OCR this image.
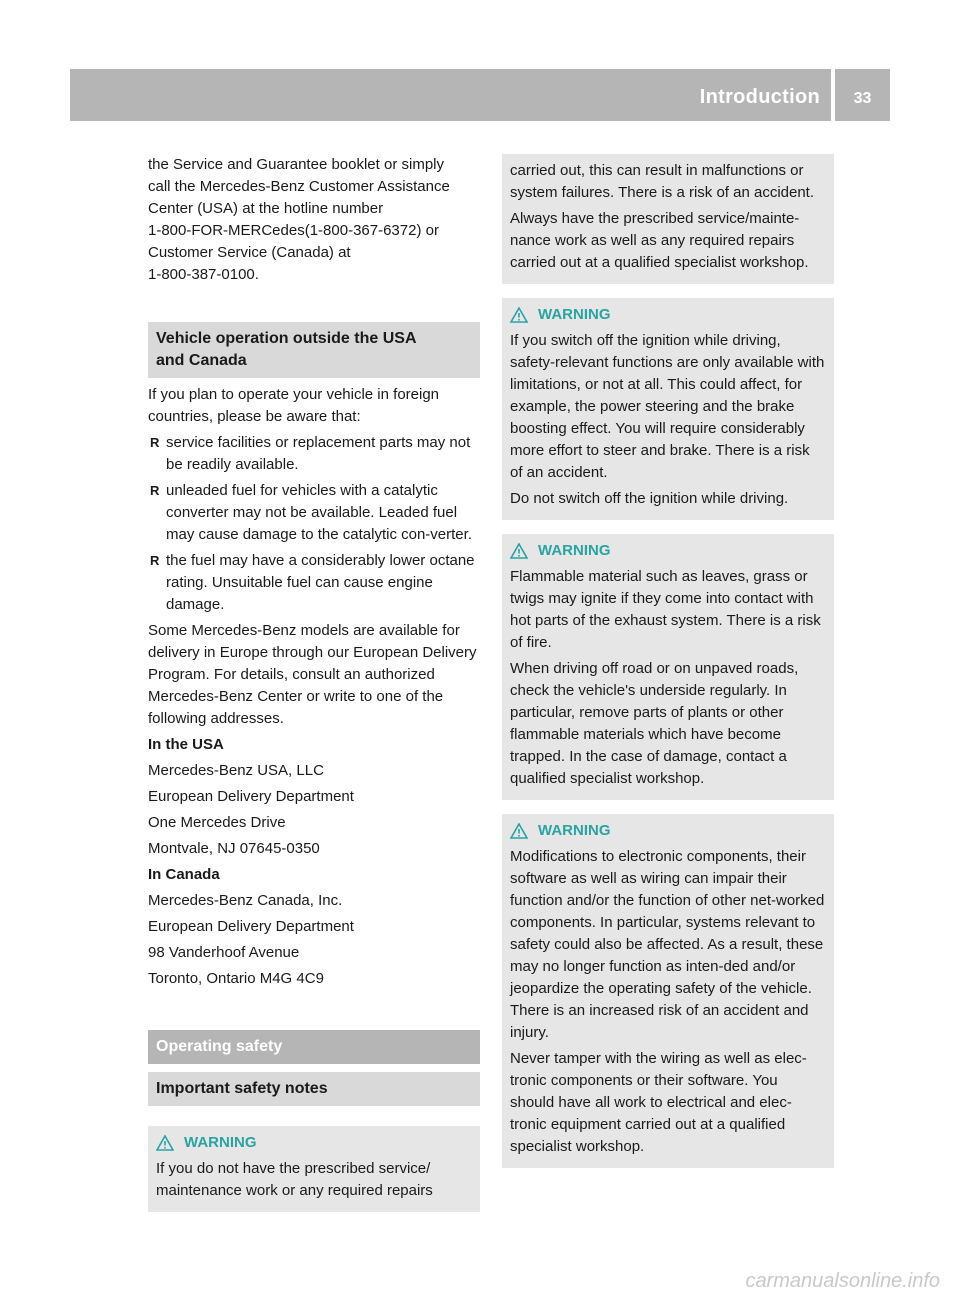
Introduction	33
the Service and Guarantee booklet or simply
call the Mercedes-Benz Customer Assistance
Center (USA) at the hotline number
1-800-FOR-MERCedes(1-800-367-6372) or
Customer Service (Canada) at
1-800-387-0100.
Vehicle operation outside the USA
and Canada

If you plan to operate your vehicle in foreign countries, please be aware that:

R service facilities or replacement parts may not be readily available.
R unleaded fuel for vehicles with a catalytic converter may not be available. Leaded fuel may cause damage to the catalytic con-verter.
R the fuel may have a considerably lower octane rating. Unsuitable fuel can cause engine damage.

Some Mercedes-Benz models are available for delivery in Europe through our European Delivery Program. For details, consult an authorized Mercedes-Benz Center or write to one of the following addresses.

In the USA

Mercedes-Benz USA, LLC

European Delivery Department

One Mercedes Drive

Montvale, NJ 07645-0350

In Canada

Mercedes-Benz Canada, Inc.

European Delivery Department

98 Vanderhoof Avenue

Toronto, Ontario M4G 4C9

Operating safety
Important safety notes
WARNING

If you do not have the prescribed service/ maintenance work or any required repairs

carried out, this can result in malfunctions or system failures. There is a risk of an accident.

Always have the prescribed service/mainte-nance work as well as any required repairs carried out at a qualified specialist workshop.

WARNING

If you switch off the ignition while driving, safety-relevant functions are only available with limitations, or not at all. This could affect, for example, the power steering and the brake boosting effect. You will require considerably more effort to steer and brake. There is a risk of an accident.

Do not switch off the ignition while driving.

WARNING

Flammable material such as leaves, grass or twigs may ignite if they come into contact with hot parts of the exhaust system. There is a risk of fire.

When driving off road or on unpaved roads, check the vehicle's underside regularly. In particular, remove parts of plants or other flammable materials which have become trapped. In the case of damage, contact a qualified specialist workshop.

WARNING

Modifications to electronic components, their software as well as wiring can impair their function and/or the function of other net-worked components. In particular, systems relevant to safety could also be affected. As a result, these may no longer function as inten-ded and/or jeopardize the operating safety of the vehicle. There is an increased risk of an accident and injury.

Never tamper with the wiring as well as elec-tronic components or their software. You should have all work to electrical and elec-tronic equipment carried out at a qualified specialist workshop.

carmanualsonline.info
